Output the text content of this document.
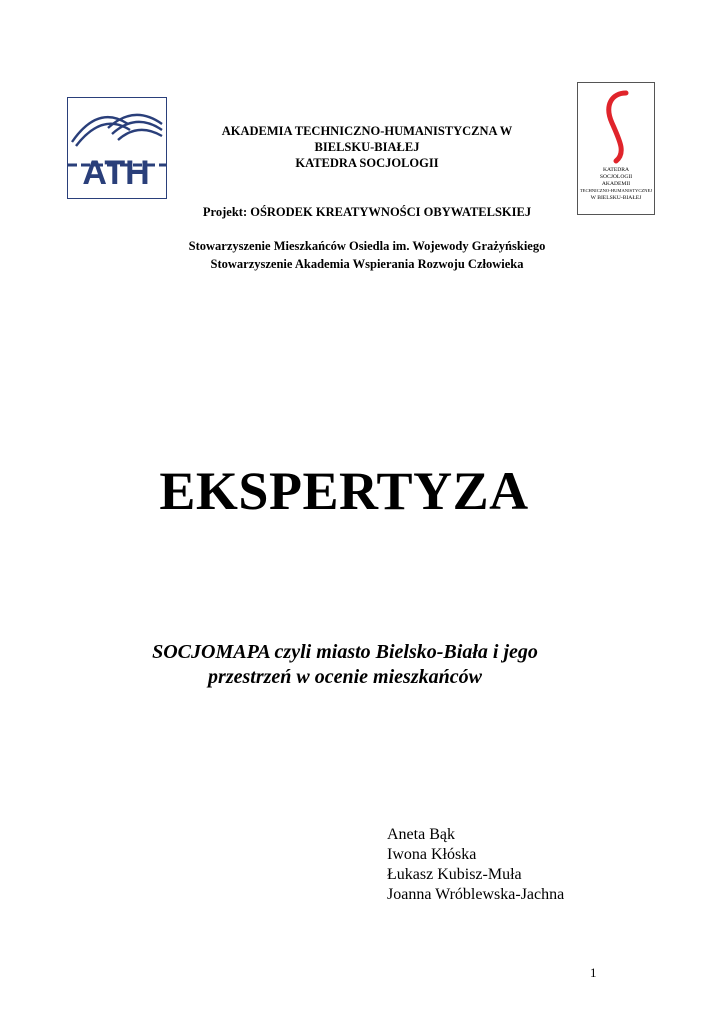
ATH	KATEDRA
SOCJOLOGII
AKADEMII
TECHNICZNO-HUMANISTYCZNEJ
W BIELSKU-BIAŁEJ
AKADEMIA TECHNICZNO-HUMANISTYCZNA W
BIELSKU-BIAŁEJ
KATEDRA SOCJOLOGII
Projekt: OŚRODEK KREATYWNOŚCI OBYWATELSKIEJ
Stowarzyszenie Mieszkańców Osiedla im. Wojewody Grażyńskiego
Stowarzyszenie Akademia Wspierania Rozwoju Człowieka
EKSPERTYZA
SOCJOMAPA czyli miasto Bielsko-Biała i jego
przestrzeń w ocenie mieszkańców
Aneta Bąk
Iwona Kłóska
Łukasz Kubisz-Muła
Joanna Wróblewska-Jachna
1
